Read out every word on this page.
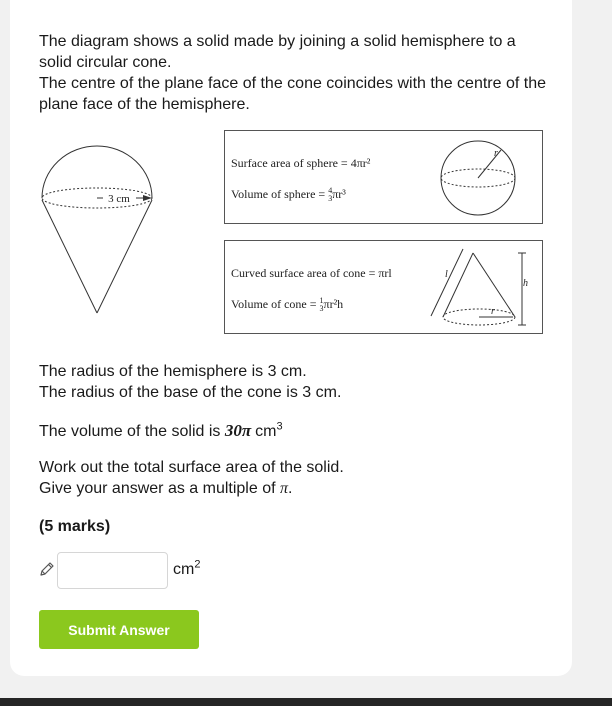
The diagram shows a solid made by joining a solid hemisphere to a solid circular cone.
The centre of the plane face of the cone coincides with the centre of the plane face of the hemisphere.

3 cm
Surface area of sphere = 4πr²
Volume of sphere = 4
3πr³
r
Curved surface area of cone = πrl
Volume of cone = 1
3πr²h
l
h
r

The radius of the hemisphere is 3 cm.
The radius of the base of the cone is 3 cm.

The volume of the solid is 30π $cm^3$

Work out the total surface area of the solid.
Give your answer as a multiple of π.

(5 marks)

$cm^2$
Submit Answer
